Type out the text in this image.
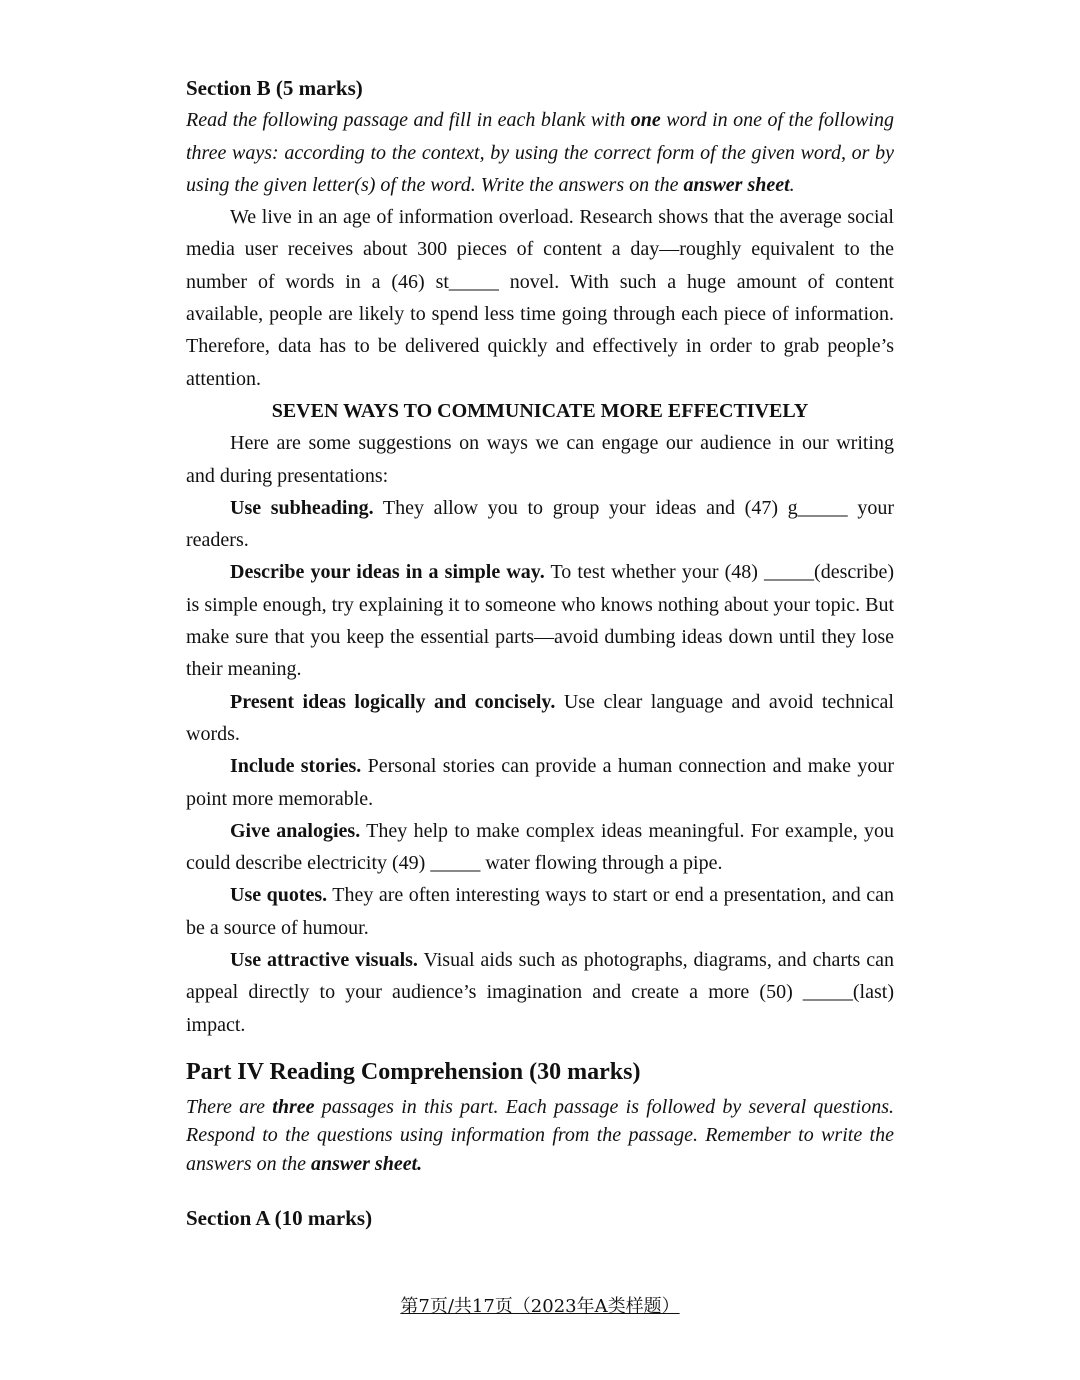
Section B (5 marks)

Read the following passage and fill in each blank with one word in one of the following three ways: according to the context, by using the correct form of the given word, or by using the given letter(s) of the word. Write the answers on the answer sheet.

We live in an age of information overload. Research shows that the average social media user receives about 300 pieces of content a day—roughly equivalent to the number of words in a (46) st_____ novel. With such a huge amount of content available, people are likely to spend less time going through each piece of information. Therefore, data has to be delivered quickly and effectively in order to grab people’s attention.

SEVEN WAYS TO COMMUNICATE MORE EFFECTIVELY

Here are some suggestions on ways we can engage our audience in our writing and during presentations:

Use subheading. They allow you to group your ideas and (47) g_____ your readers.

Describe your ideas in a simple way. To test whether your (48) _____(describe) is simple enough, try explaining it to someone who knows nothing about your topic. But make sure that you keep the essential parts—avoid dumbing ideas down until they lose their meaning.

Present ideas logically and concisely. Use clear language and avoid technical words.

Include stories. Personal stories can provide a human connection and make your point more memorable.

Give analogies. They help to make complex ideas meaningful. For example, you could describe electricity (49) _____ water flowing through a pipe.

Use quotes. They are often interesting ways to start or end a presentation, and can be a source of humour.

Use attractive visuals. Visual aids such as photographs, diagrams, and charts can appeal directly to your audience’s imagination and create a more (50) _____(last) impact.

Part IV Reading Comprehension (30 marks)

There are three passages in this part. Each passage is followed by several questions. Respond to the questions using information from the passage. Remember to write the answers on the answer sheet.

Section A (10 marks)
第7页/共17页（2023年A类样题）
